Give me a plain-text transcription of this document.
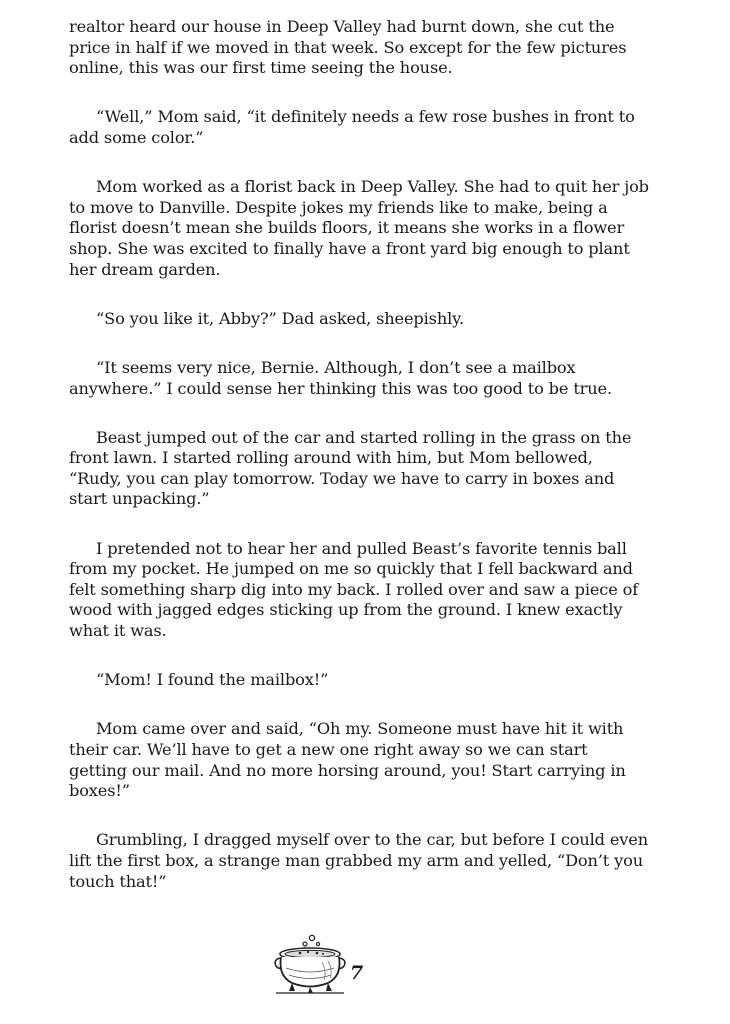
realtor heard our house in Deep Valley had burnt down, she cut the price in half if we moved in that week. So except for the few pictures online, this was our first time seeing the house.

“Well,” Mom said, “it definitely needs a few rose bushes in front to add some color.”

Mom worked as a florist back in Deep Valley. She had to quit her job to move to Danville. Despite jokes my friends like to make, being a florist doesn’t mean she builds floors, it means she works in a flower shop. She was excited to finally have a front yard big enough to plant her dream garden.

“So you like it, Abby?” Dad asked, sheepishly.

“It seems very nice, Bernie. Although, I don’t see a mailbox anywhere.” I could sense her thinking this was too good to be true.

Beast jumped out of the car and started rolling in the grass on the front lawn. I started rolling around with him, but Mom bellowed, “Rudy, you can play tomorrow. Today we have to carry in boxes and start unpacking.”

I pretended not to hear her and pulled Beast’s favorite tennis ball from my pocket. He jumped on me so quickly that I fell backward and felt something sharp dig into my back. I rolled over and saw a piece of wood with jagged edges sticking up from the ground. I knew exactly what it was.

“Mom! I found the mailbox!”

Mom came over and said, “Oh my. Someone must have hit it with their car. We’ll have to get a new one right away so we can start getting our mail. And no more horsing around, you! Start carrying in boxes!”

Grumbling, I dragged myself over to the car, but before I could even lift the first box, a strange man grabbed my arm and yelled, “Don’t you touch that!”

7
